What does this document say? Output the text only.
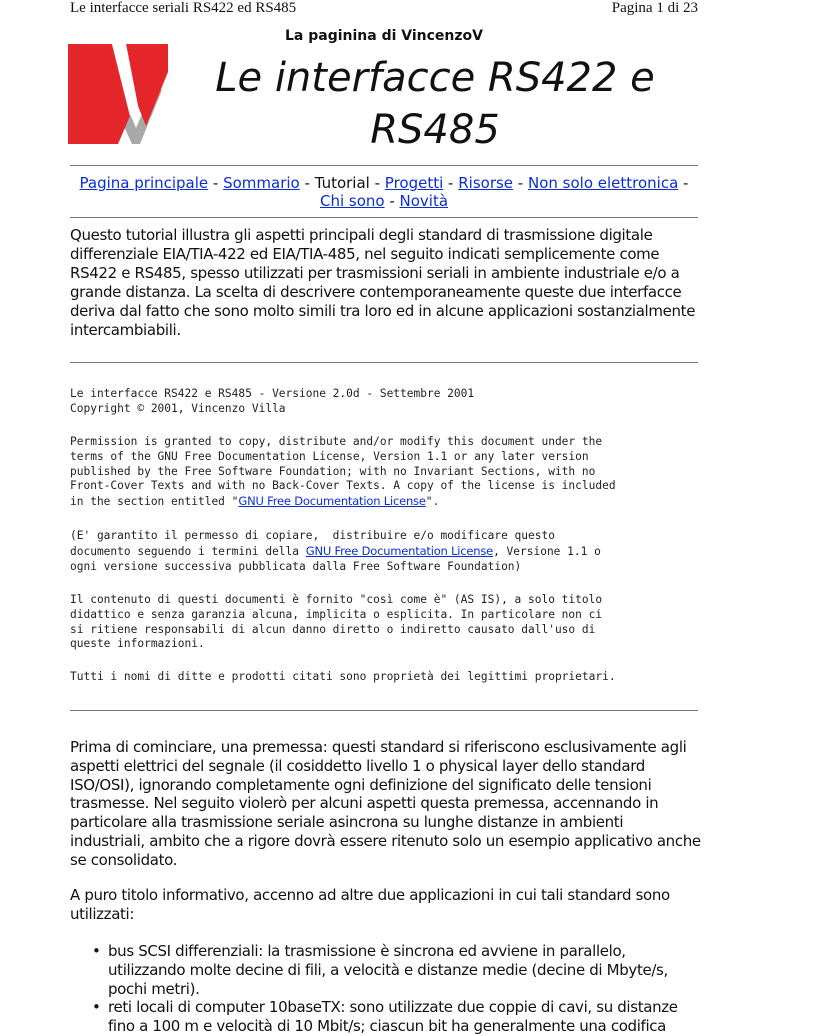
Le interfacce seriali RS422 ed RS485	Pagina 1 di 23
La paginina di VincenzoV
Le interfacce RS422 e
RS485
Pagina principale - Sommario - Tutorial - Progetti - Risorse - Non solo elettronica - Chi sono - Novità
Questo tutorial illustra gli aspetti principali degli standard di trasmissione digitale differenziale EIA/TIA-422 ed EIA/TIA-485, nel seguito indicati semplicemente come RS422 e RS485, spesso utilizzati per trasmissioni seriali in ambiente industriale e/o a grande distanza. La scelta di descrivere contemporaneamente queste due interfacce deriva dal fatto che sono molto simili tra loro ed in alcune applicazioni sostanzialmente intercambiabili.
Le interfacce RS422 e RS485 - Versione 2.0d - Settembre 2001
Copyright © 2001, Vincenzo Villa
Permission is granted to copy, distribute and/or modify this document under the
terms of the GNU Free Documentation License, Version 1.1 or any later version
published by the Free Software Foundation; with no Invariant Sections, with no
Front-Cover Texts and with no Back-Cover Texts. A copy of the license is included
in the section entitled "GNU Free Documentation License".
(E' garantito il permesso di copiare,  distribuire e/o modificare questo
documento seguendo i termini della GNU Free Documentation License, Versione 1.1 o
ogni versione successiva pubblicata dalla Free Software Foundation)
Il contenuto di questi documenti è fornito "così come è" (AS IS), a solo titolo
didattico e senza garanzia alcuna, implicita o esplicita. In particolare non ci
si ritiene responsabili di alcun danno diretto o indiretto causato dall'uso di
queste informazioni.
Tutti i nomi di ditte e prodotti citati sono proprietà dei legittimi proprietari.
Prima di cominciare, una premessa: questi standard si riferiscono esclusivamente agli aspetti elettrici del segnale (il cosiddetto livello 1 o physical layer dello standard ISO/OSI), ignorando completamente ogni definizione del significato delle tensioni trasmesse. Nel seguito violerò per alcuni aspetti questa premessa, accennando in particolare alla trasmissione seriale asincrona su lunghe distanze in ambienti industriali, ambito che a rigore dovrà essere ritenuto solo un esempio applicativo anche se consolidato.
A puro titolo informativo, accenno ad altre due applicazioni in cui tali standard sono utilizzati:
• bus SCSI differenziali: la trasmissione è sincrona ed avviene in parallelo, utilizzando molte decine di fili, a velocità e distanze medie (decine di Mbyte/s, pochi metri).
• reti locali di computer 10baseTX: sono utilizzate due coppie di cavi, su distanze fino a 100 m e velocità di 10 Mbit/s; ciascun bit ha generalmente una codifica
